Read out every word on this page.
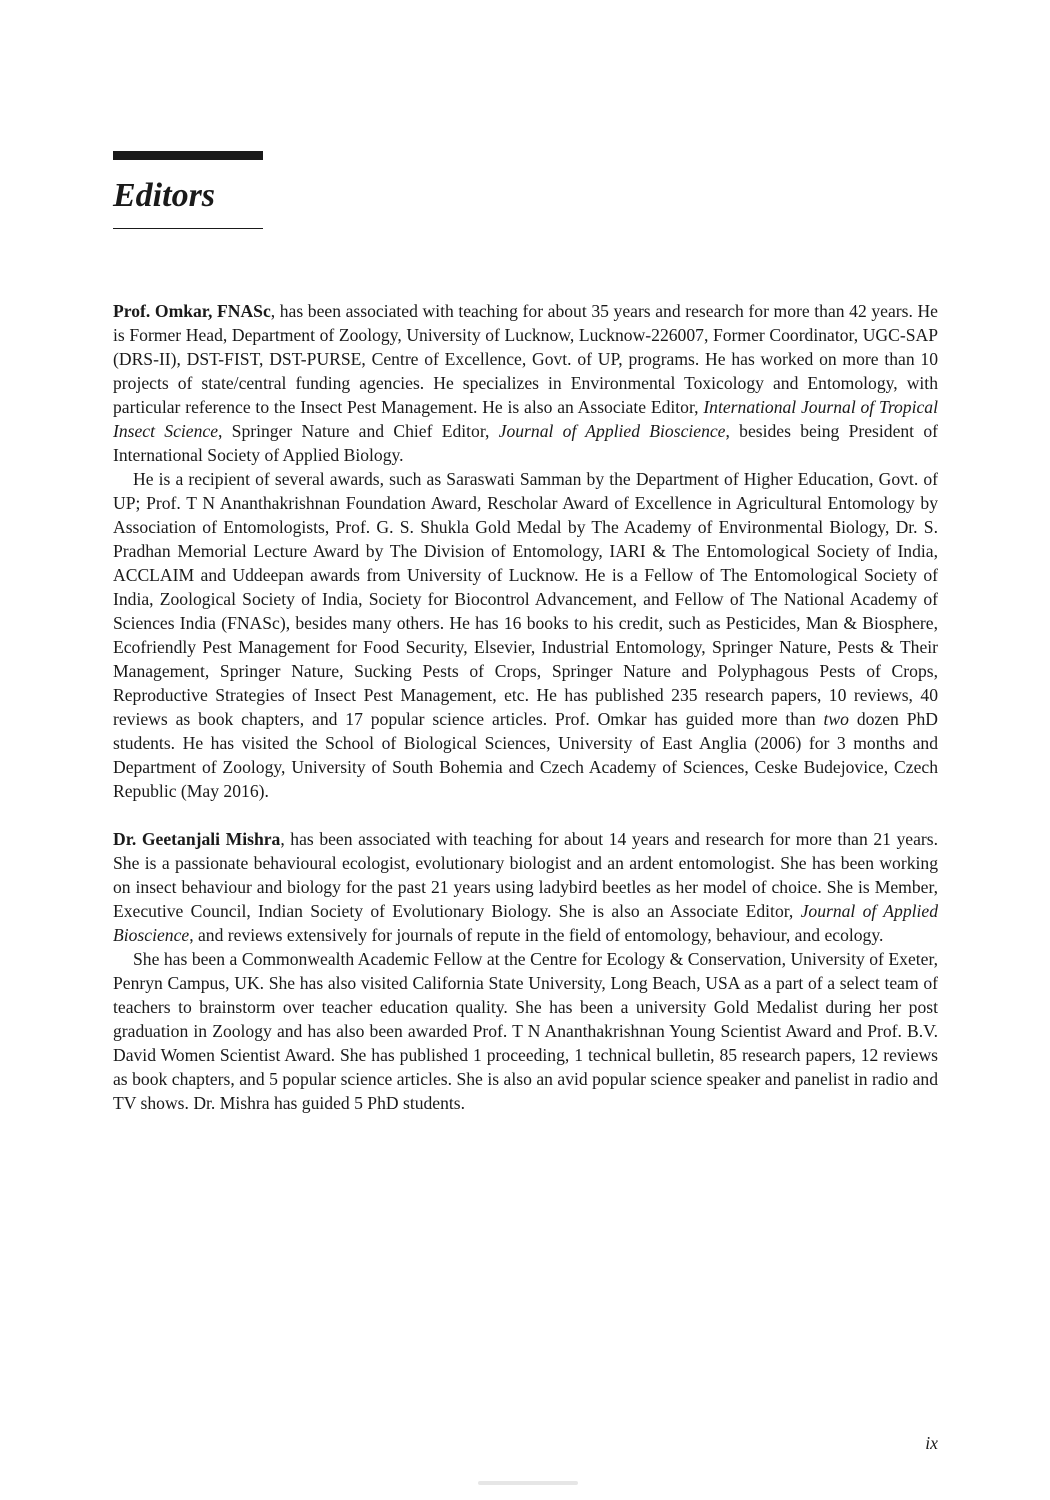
Editors

Prof. Omkar, FNASc, has been associated with teaching for about 35 years and research for more than 42 years. He is Former Head, Department of Zoology, University of Lucknow, Lucknow-226007, Former Coordinator, UGC-SAP (DRS-II), DST-FIST, DST-PURSE, Centre of Excellence, Govt. of UP, programs. He has worked on more than 10 projects of state/central funding agencies. He specializes in Environmental Toxicology and Entomology, with particular reference to the Insect Pest Management. He is also an Associate Editor, International Journal of Tropical Insect Science, Springer Nature and Chief Editor, Journal of Applied Bioscience, besides being President of International Society of Applied Biology.

He is a recipient of several awards, such as Saraswati Samman by the Department of Higher Education, Govt. of UP; Prof. T N Ananthakrishnan Foundation Award, Rescholar Award of Excellence in Agricultural Entomology by Association of Entomologists, Prof. G. S. Shukla Gold Medal by The Academy of Environmental Biology, Dr. S. Pradhan Memorial Lecture Award by The Division of Entomology, IARI & The Entomological Society of India, ACCLAIM and Uddeepan awards from University of Lucknow. He is a Fellow of The Entomological Society of India, Zoological Society of India, Society for Biocontrol Advancement, and Fellow of The National Academy of Sciences India (FNASc), besides many others. He has 16 books to his credit, such as Pesticides, Man & Biosphere, Ecofriendly Pest Management for Food Security, Elsevier, Industrial Entomology, Springer Nature, Pests & Their Management, Springer Nature, Sucking Pests of Crops, Springer Nature and Polyphagous Pests of Crops, Reproductive Strategies of Insect Pest Management, etc. He has published 235 research papers, 10 reviews, 40 reviews as book chapters, and 17 popular science articles. Prof. Omkar has guided more than two dozen PhD students. He has visited the School of Biological Sciences, University of East Anglia (2006) for 3 months and Department of Zoology, University of South Bohemia and Czech Academy of Sciences, Ceske Budejovice, Czech Republic (May 2016).

Dr. Geetanjali Mishra, has been associated with teaching for about 14 years and research for more than 21 years. She is a passionate behavioural ecologist, evolutionary biologist and an ardent entomologist. She has been working on insect behaviour and biology for the past 21 years using ladybird beetles as her model of choice. She is Member, Executive Council, Indian Society of Evolutionary Biology. She is also an Associate Editor, Journal of Applied Bioscience, and reviews extensively for journals of repute in the field of entomology, behaviour, and ecology.

She has been a Commonwealth Academic Fellow at the Centre for Ecology & Conservation, University of Exeter, Penryn Campus, UK. She has also visited California State University, Long Beach, USA as a part of a select team of teachers to brainstorm over teacher education quality. She has been a university Gold Medalist during her post graduation in Zoology and has also been awarded Prof. T N Ananthakrishnan Young Scientist Award and Prof. B.V. David Women Scientist Award. She has published 1 proceeding, 1 technical bulletin, 85 research papers, 12 reviews as book chapters, and 5 popular science articles. She is also an avid popular science speaker and panelist in radio and TV shows. Dr. Mishra has guided 5 PhD students.

ix
